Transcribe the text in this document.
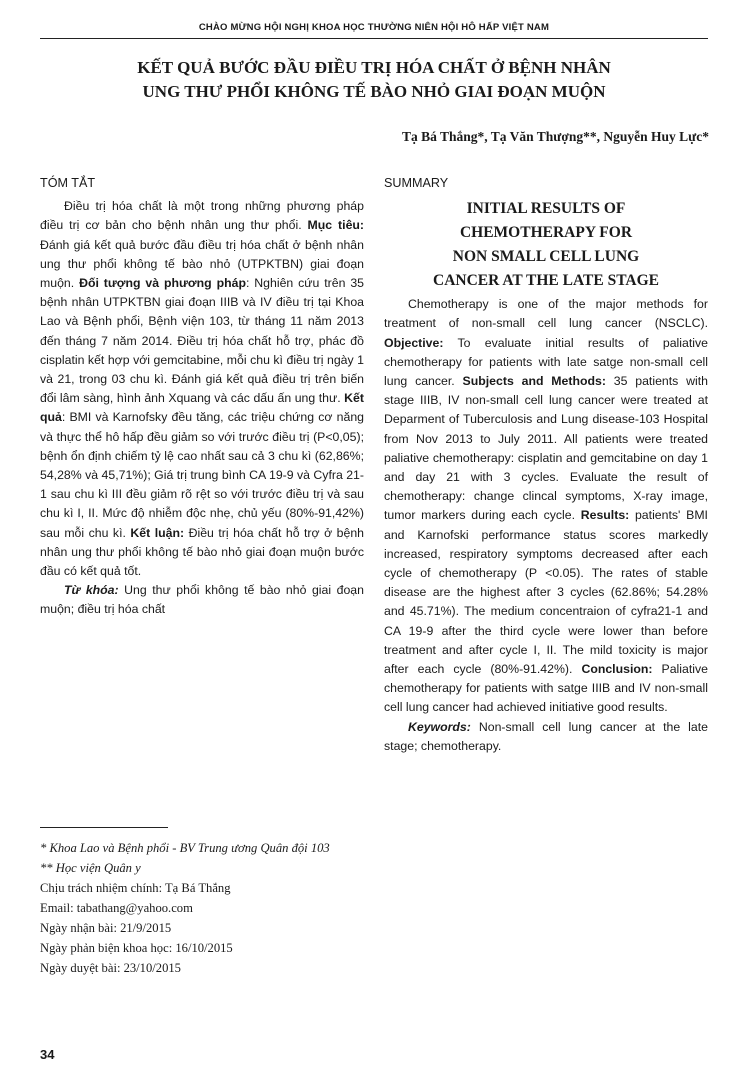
CHÀO MỪNG HỘI NGHỊ KHOA HỌC THƯỜNG NIÊN HỘI HÔ HẤP VIỆT NAM
KẾT QUẢ BƯỚC ĐẦU ĐIỀU TRỊ HÓA CHẤT Ở BỆNH NHÂN
UNG THƯ PHỔI KHÔNG TẾ BÀO NHỎ GIAI ĐOẠN MUỘN
Tạ Bá Thắng*, Tạ Văn Thượng**, Nguyễn Huy Lực*
TÓM TẮT

Điều trị hóa chất là một trong những phương pháp điều trị cơ bản cho bệnh nhân ung thư phổi. Mục tiêu: Đánh giá kết quả bước đầu điều trị hóa chất ở bệnh nhân ung thư phổi không tế bào nhỏ (UTPKTBN) giai đoạn muộn. Đối tượng và phương pháp: Nghiên cứu trên 35 bệnh nhân UTPKTBN giai đoạn IIIB và IV điều trị tại Khoa Lao và Bệnh phổi, Bệnh viện 103, từ tháng 11 năm 2013 đến tháng 7 năm 2014. Điều trị hóa chất hỗ trợ, phác đồ cisplatin kết hợp với gemcitabine, mỗi chu kì điều trị ngày 1 và 21, trong 03 chu kì. Đánh giá kết quả điều trị trên biến đổi lâm sàng, hình ảnh Xquang và các dấu ấn ung thư. Kết quả: BMI và Karnofsky đều tăng, các triệu chứng cơ năng và thực thể hô hấp đều giảm so với trước điều trị (P<0,05); bệnh ổn định chiếm tỷ lệ cao nhất sau cả 3 chu kì (62,86%; 54,28% và 45,71%); Giá trị trung bình CA 19-9 và Cyfra 21-1 sau chu kì III đều giảm rõ rệt so với trước điều trị và sau chu kì I, II. Mức độ nhiễm độc nhẹ, chủ yếu (80%-91,42%) sau mỗi chu kì. Kết luận: Điều trị hóa chất hỗ trợ ở bệnh nhân ung thư phổi không tế bào nhỏ giai đoạn muộn bước đầu có kết quả tốt.

Từ khóa: Ung thư phổi không tế bào nhỏ giai đoạn muộn; điều trị hóa chất

SUMMARY
INITIAL RESULTS OF
CHEMOTHERAPY FOR
NON SMALL CELL LUNG
CANCER AT THE LATE STAGE

Chemotherapy is one of the major methods for treatment of non-small cell lung cancer (NSCLC). Objective: To evaluate initial results of paliative chemotherapy for patients with late satge non-small cell lung cancer. Subjects and Methods: 35 patients with stage IIIB, IV non-small cell lung cancer were treated at Deparment of Tuberculosis and Lung disease-103 Hospital from Nov 2013 to July 2011. All patients were treated paliative chemotherapy: cisplatin and gemcitabine on day 1 and day 21 with 3 cycles. Evaluate the result of chemotherapy: change clincal symptoms, X-ray image, tumor markers during each cycle. Results: patients' BMI and Karnofski performance status scores markedly increased, respiratory symptoms decreased after each cycle of chemotherapy (P <0.05). The rates of stable disease are the highest after 3 cycles (62.86%; 54.28% and 45.71%). The medium concentraion of cyfra21-1 and CA 19-9 after the third cycle were lower than before treatment and after cycle I, II. The mild toxicity is major after each cycle (80%-91.42%). Conclusion: Paliative chemotherapy for patients with satge IIIB and IV non-small cell lung cancer had achieved initiative good results.

Keywords: Non-small cell lung cancer at the late stage; chemotherapy.

* Khoa Lao và Bệnh phổi - BV Trung ương Quân đội 103
** Học viện Quân y
Chịu trách nhiệm chính: Tạ Bá Thắng
Email: tabathang@yahoo.com
Ngày nhận bài: 21/9/2015
Ngày phản biện khoa học: 16/10/2015
Ngày duyệt bài: 23/10/2015
34
